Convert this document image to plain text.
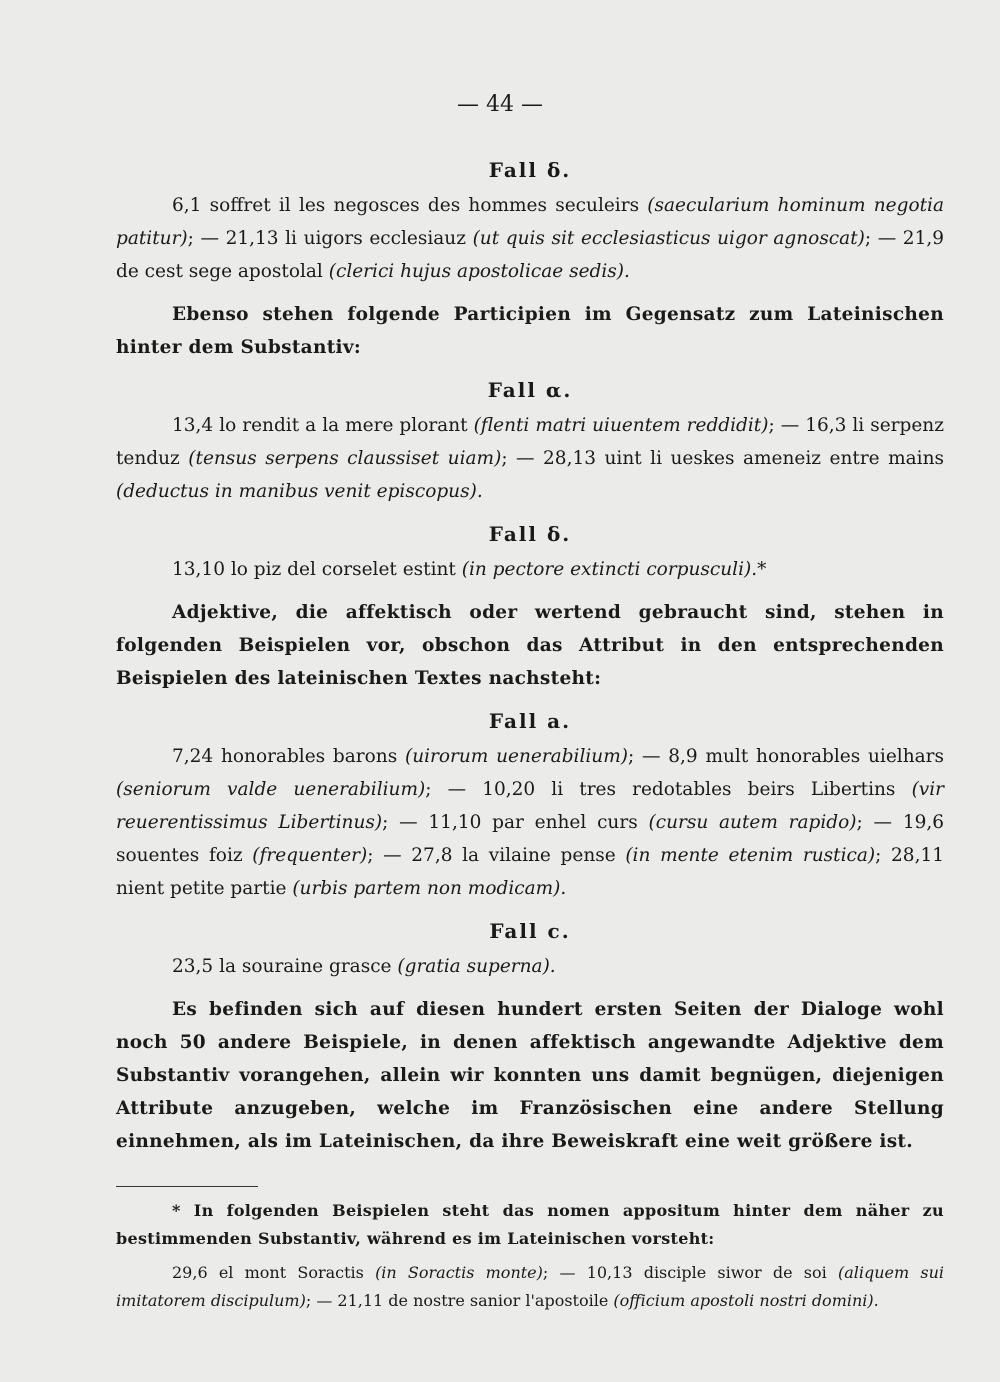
— 44 —
Fall δ.

6,1 soffret il les negosces des hommes seculeirs (saecularium hominum negotia patitur); — 21,13 li uigors ecclesiauz (ut quis sit ecclesiasticus uigor agnoscat); — 21,9 de cest sege apostolal (clerici hujus apostolicae sedis).

Ebenso stehen folgende Participien im Gegensatz zum Lateinischen hinter dem Substantiv:

Fall α.

13,4 lo rendit a la mere plorant (flenti matri uiuentem reddidit); — 16,3 li serpenz tenduz (tensus serpens claussiset uiam); — 28,13 uint li ueskes ameneiz entre mains (deductus in manibus venit episcopus).

Fall δ.

13,10 lo piz del corselet estint (in pectore extincti corpusculi).*

Adjektive, die affektisch oder wertend gebraucht sind, stehen in folgenden Beispielen vor, obschon das Attribut in den entsprechenden Beispielen des lateinischen Textes nachsteht:

Fall a.

7,24 honorables barons (uirorum uenerabilium); — 8,9 mult honorables uielhars (seniorum valde uenerabilium); — 10,20 li tres redotables beirs Libertins (vir reuerentissimus Libertinus); — 11,10 par enhel curs (cursu autem rapido); — 19,6 souentes foiz (frequenter); — 27,8 la vilaine pense (in mente etenim rustica); 28,11 nient petite partie (urbis partem non modicam).

Fall c.

23,5 la souraine grasce (gratia superna).

Es befinden sich auf diesen hundert ersten Seiten der Dialoge wohl noch 50 andere Beispiele, in denen affektisch angewandte Adjektive dem Substantiv vorangehen, allein wir konnten uns damit begnügen, diejenigen Attribute anzugeben, welche im Französischen eine andere Stellung einnehmen, als im Lateinischen, da ihre Beweiskraft eine weit größere ist.

* In folgenden Beispielen steht das nomen appositum hinter dem näher zu bestimmenden Substantiv, während es im Lateinischen vorsteht:

29,6 el mont Soractis (in Soractis monte); — 10,13 disciple siwor de soi (aliquem sui imitatorem discipulum); — 21,11 de nostre sanior l'apostoile (officium apostoli nostri domini).
